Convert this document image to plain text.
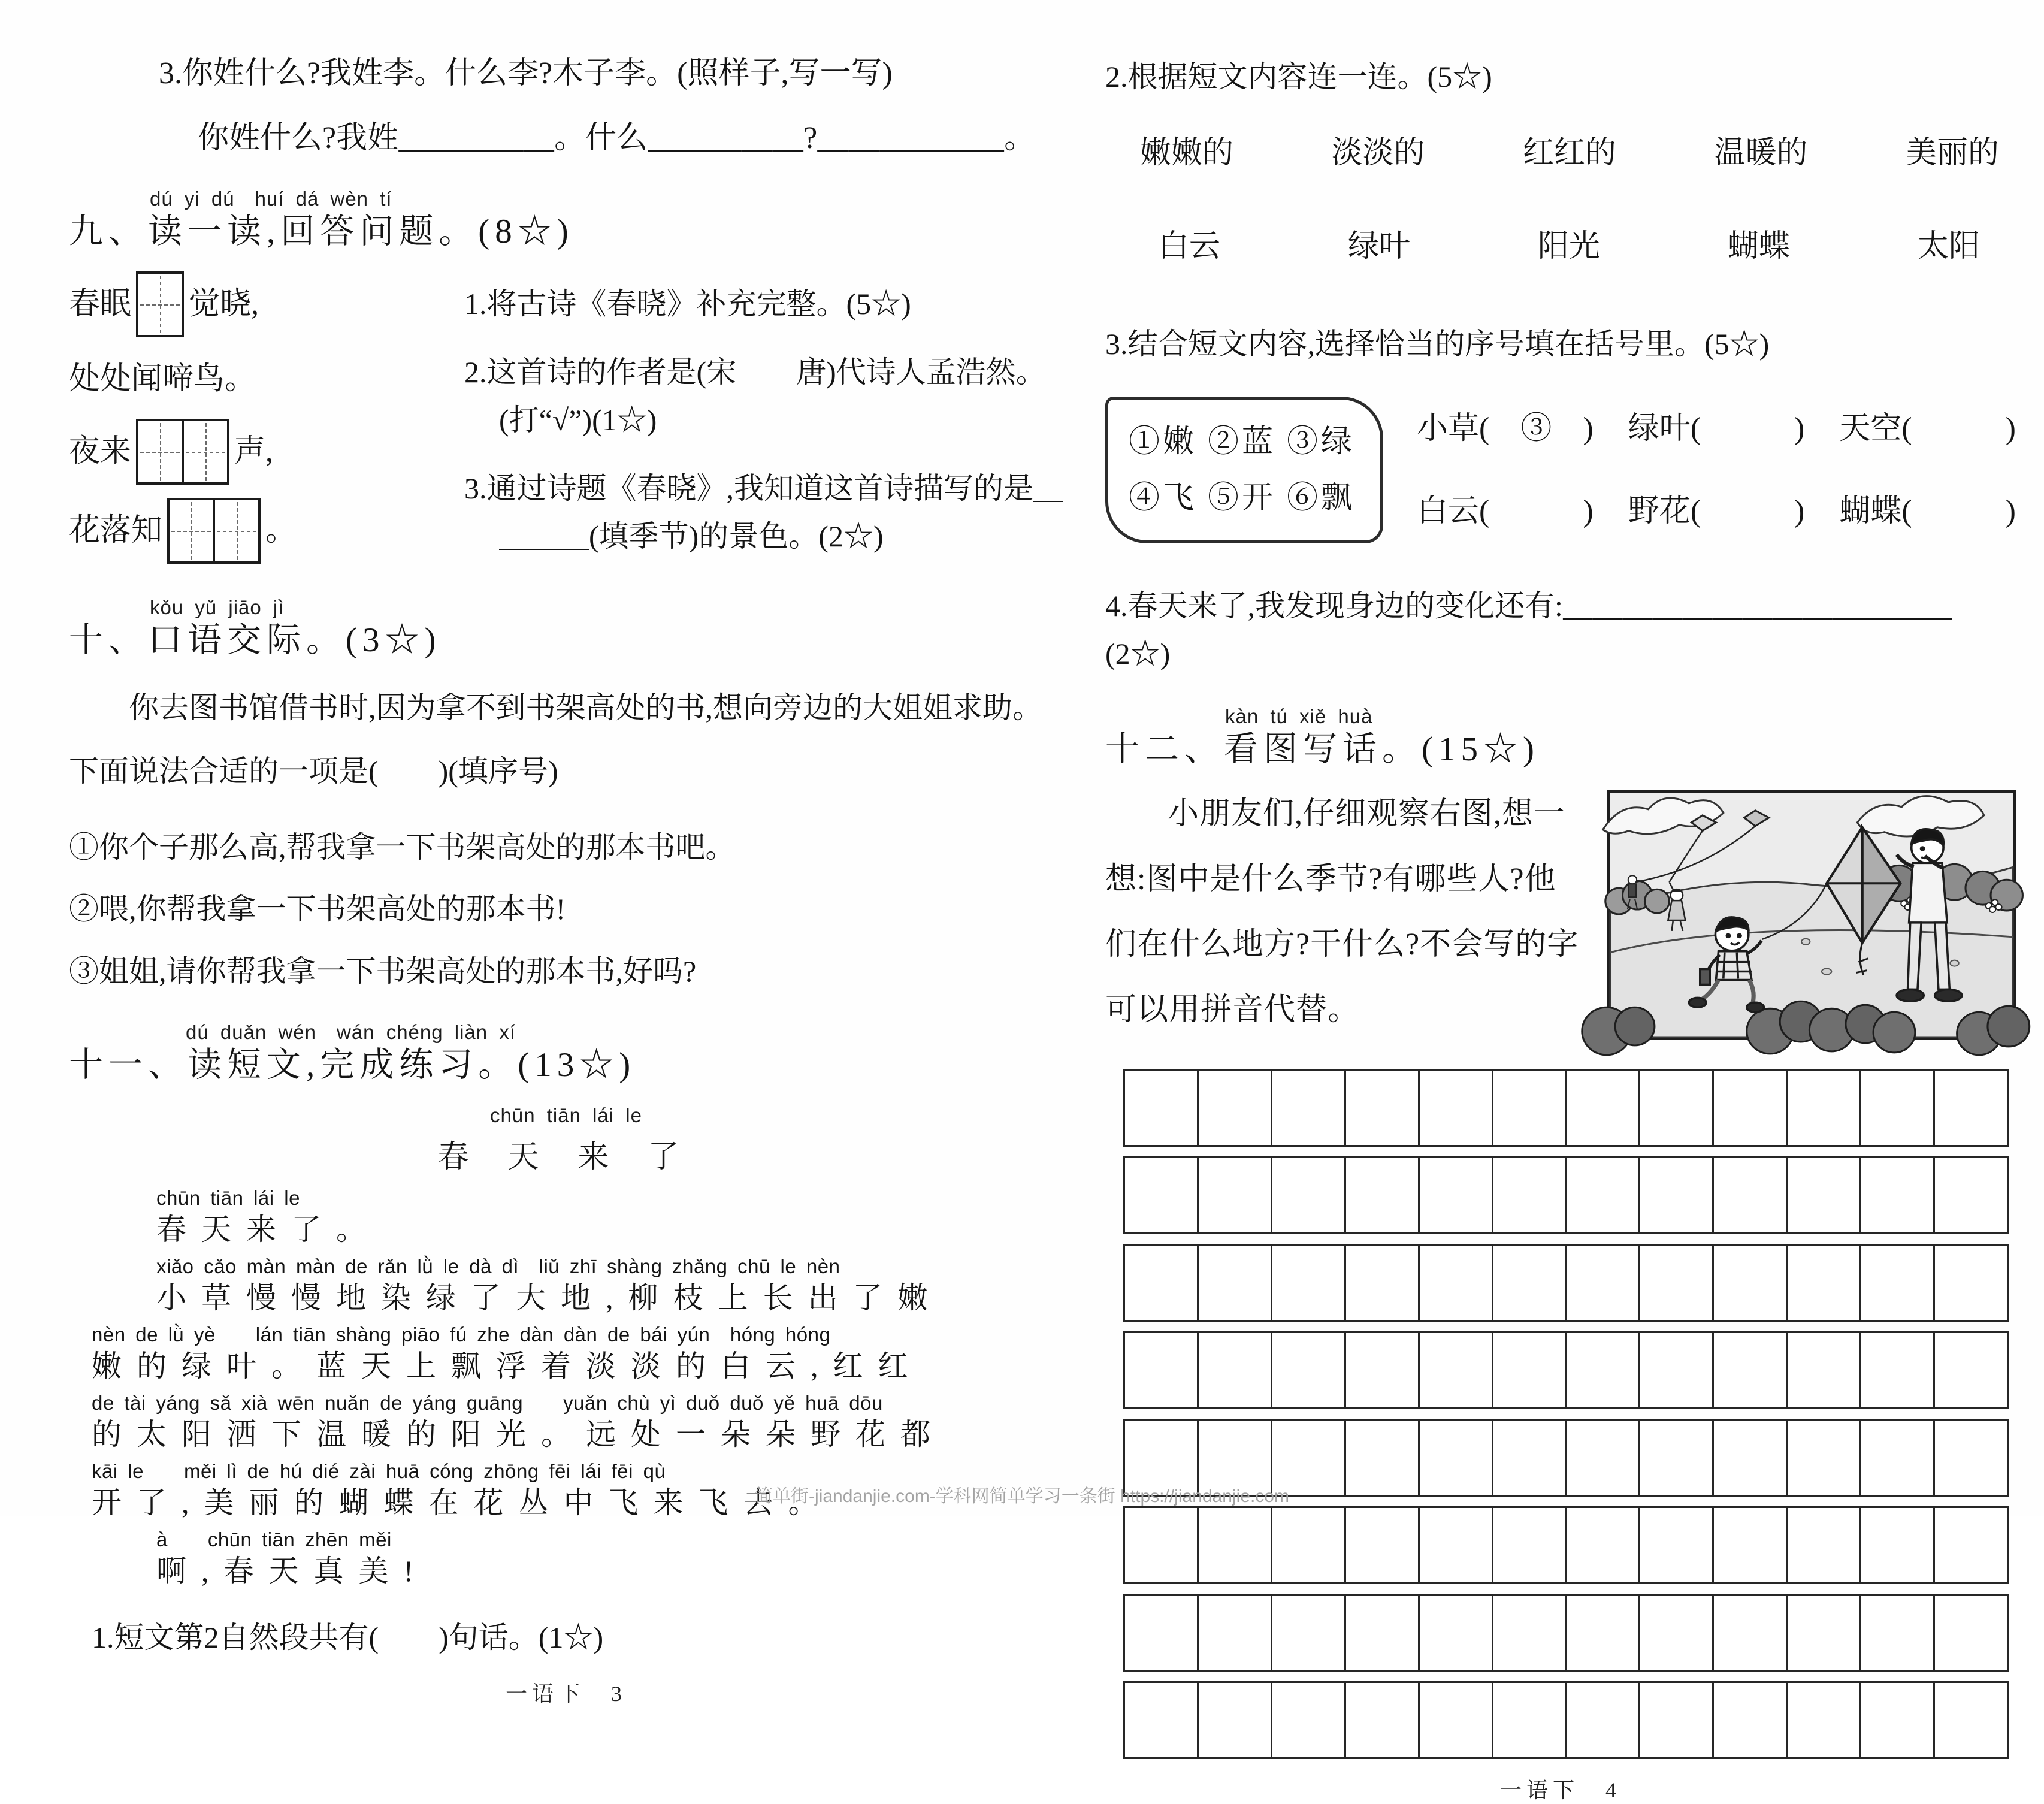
3.你姓什么?我姓李。什么李?木子李。(照样子,写一写)
你姓什么?我姓＿＿＿＿＿。什么＿＿＿＿＿?＿＿＿＿＿＿。
dú yi dú　huí dá wèn tí
九、读一读,回答问题。(8☆)
春眠 觉晓,
处处闻啼鸟。
夜来	声,
花落知	。
1.将古诗《春晓》补充完整。(5☆)
2.这首诗的作者是(宋　　唐)代诗人孟浩然。(打“√”)(1☆)
3.通过诗题《春晓》,我知道这首诗描写的是＿＿＿＿(填季节)的景色。(2☆)
kǒu yǔ jiāo jì
十、口语交际。(3☆)
你去图书馆借书时,因为拿不到书架高处的书,想向旁边的大姐姐求助。下面说法合适的一项是(　　)(填序号)
①你个子那么高,帮我拿一下书架高处的那本书吧。
②喂,你帮我拿一下书架高处的那本书!
③姐姐,请你帮我拿一下书架高处的那本书,好吗?
dú duǎn wén　wán chéng liàn xí
十一、读短文,完成练习。(13☆)
chūn tiān lái le
春 天 来 了
chūn tiān lái le
春天来了。
xiǎo cǎo màn màn de rǎn lǜ le dà dì　liǔ zhī shàng zhǎng chū le nèn
小草慢慢地染绿了大地,柳枝上长出了嫩
nèn de lǜ yè　　lán tiān shàng piāo fú zhe dàn dàn de bái yún　hóng hóng
嫩的绿叶。蓝天上飘浮着淡淡的白云,红红
de tài yáng sǎ xià wēn nuǎn de yáng guāng　　yuǎn chù yì duǒ duǒ yě huā dōu
的太阳洒下温暖的阳光。远处一朵朵野花都
kāi le　　měi lì de hú dié zài huā cóng zhōng fēi lái fēi qù
开了,美丽的蝴蝶在花丛中飞来飞去。
à　　chūn tiān zhēn měi
啊,春天真美!
1.短文第2自然段共有(　　)句话。(1☆)
一语下　3
2.根据短文内容连一连。(5☆)
嫩嫩的	淡淡的	红红的	温暖的	美丽的
白云	绿叶	阳光	蝴蝶	太阳
3.结合短文内容,选择恰当的序号填在括号里。(5☆)
①嫩 ②蓝 ③绿
④飞 ⑤开 ⑥飘
小草(　③　) 绿叶(　　　) 天空(　　　)
白云(　　　) 野花(　　　) 蝴蝶(　　　)
4.春天来了,我发现身边的变化还有:＿＿＿＿＿＿＿＿＿＿＿＿＿(2☆)
kàn tú xiě huà
十二、看图写话。(15☆)
小朋友们,仔细观察右图,想一想:图中是什么季节?有哪些人?他们在什么地方?干什么?不会写的字可以用拼音代替。
一语下　4
简单街-jiandanjie.com-学科网简单学习一条街 https://jiandanjie.com
